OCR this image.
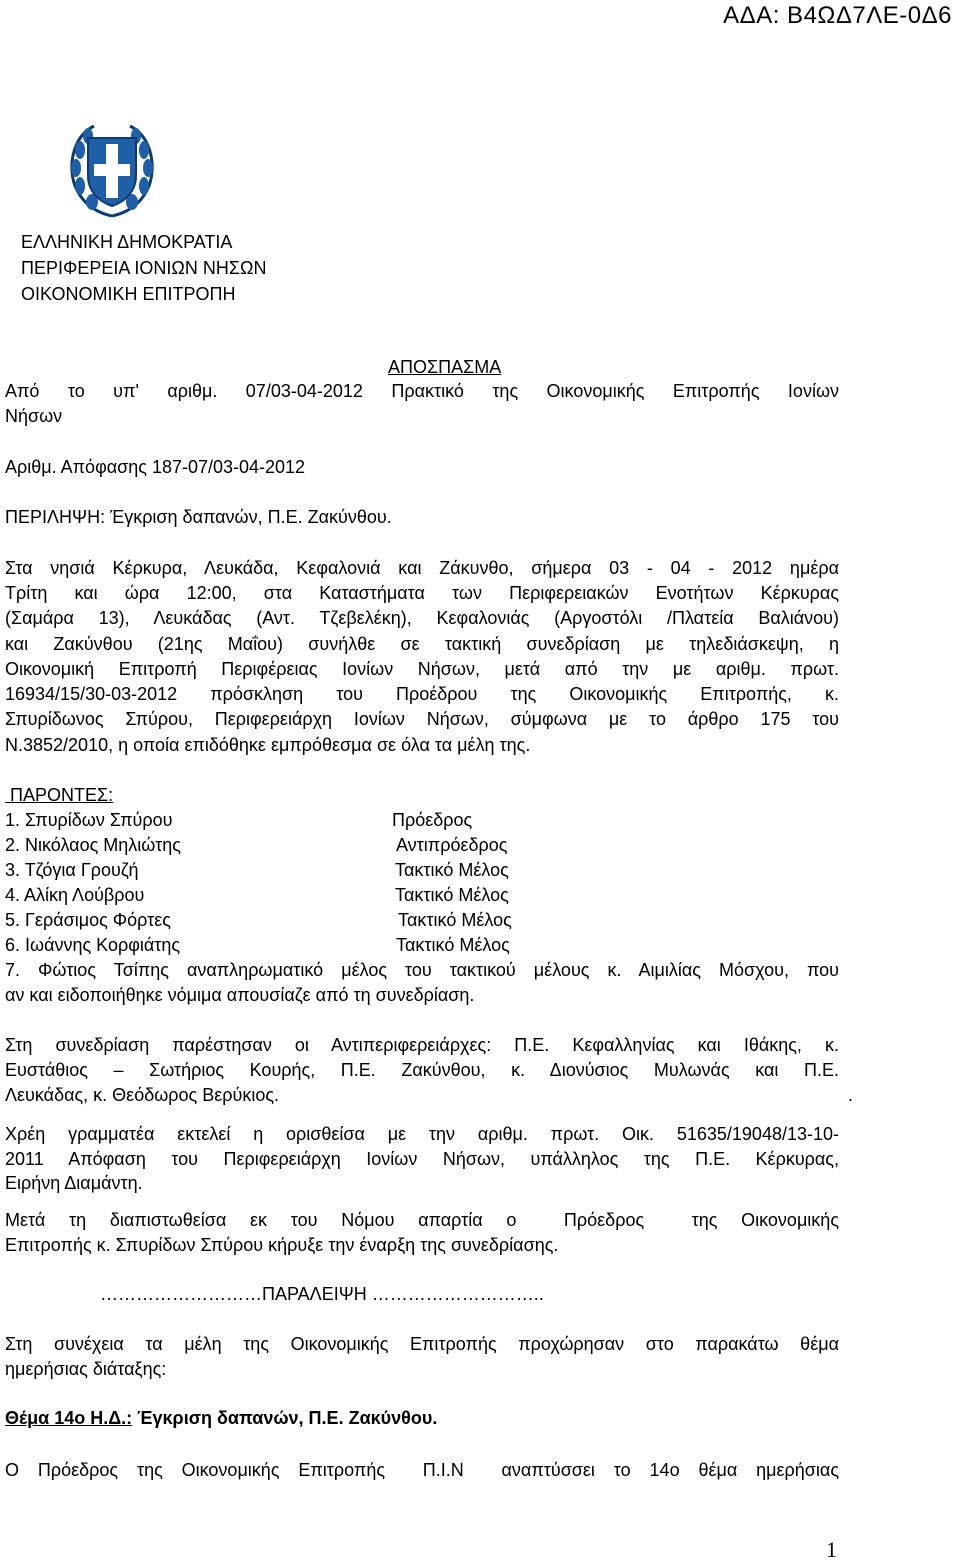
ΑΔΑ: Β4ΩΔ7ΛΕ-0Δ6
ΕΛΛΗΝΙΚΗ ΔΗΜΟΚΡΑΤΙΑ
ΠΕΡΙΦΕΡΕΙΑ ΙΟΝΙΩΝ ΝΗΣΩΝ
ΟΙΚΟΝΟΜΙΚΗ ΕΠΙΤΡΟΠΗ
ΑΠΟΣΠΑΣΜΑ
Από το υπ' αριθμ. 07/03-04-2012 Πρακτικό της Οικονομικής Επιτροπής Ιονίων
Νήσων
Αριθμ. Απόφασης 187-07/03-04-2012
ΠΕΡΙΛΗΨΗ: Έγκριση δαπανών, Π.Ε. Ζακύνθου.
Στα νησιά Κέρκυρα, Λευκάδα, Κεφαλονιά και Ζάκυνθο, σήμερα 03 - 04 - 2012 ημέρα
Τρίτη και ώρα 12:00, στα Καταστήματα των Περιφερειακών Ενοτήτων Κέρκυρας
(Σαμάρα 13), Λευκάδας (Αντ. Τζεβελέκη), Κεφαλονιάς (Αργοστόλι /Πλατεία Βαλιάνου)
και Ζακύνθου (21ης Μαΐου) συνήλθε σε τακτική συνεδρίαση με τηλεδιάσκεψη, η
Οικονομική Επιτροπή Περιφέρειας Ιονίων Νήσων, μετά από την με αριθμ. πρωτ.
16934/15/30-03-2012 πρόσκληση του Προέδρου της Οικονομικής Επιτροπής, κ.
Σπυρίδωνος Σπύρου, Περιφερειάρχη Ιονίων Νήσων, σύμφωνα με το άρθρο 175 του
Ν.3852/2010, η οποία επιδόθηκε εμπρόθεσμα σε όλα τα μέλη της.
ΠΑΡΟΝΤΕΣ:
1. Σπυρίδων Σπύρου	Πρόεδρος
2. Νικόλαος Μηλιώτης	Αντιπρόεδρος
3. Τζόγια Γρουζή	Τακτικό Μέλος
4. Αλίκη Λούβρου	Τακτικό Μέλος
5. Γεράσιμος Φόρτες	Τακτικό Μέλος
6. Ιωάννης Κορφιάτης	Τακτικό Μέλος
7. Φώτιος Τσίπης αναπληρωματικό μέλος του τακτικού μέλους κ. Αιμιλίας Μόσχου, που
αν και ειδοποιήθηκε νόμιμα απουσίαζε από τη συνεδρίαση.
Στη συνεδρίαση παρέστησαν οι Αντιπεριφερειάρχες: Π.Ε. Κεφαλληνίας και Ιθάκης, κ.
Ευστάθιος – Σωτήριος Κουρής, Π.Ε. Ζακύνθου, κ. Διονύσιος Μυλωνάς και Π.Ε.
Λευκάδας, κ. Θεόδωρος Βερύκιος.	.
Χρέη γραμματέα εκτελεί η ορισθείσα με την αριθμ. πρωτ. Οικ. 51635/19048/13-10-
2011 Απόφαση του Περιφερειάρχη Ιονίων Νήσων, υπάλληλος της Π.Ε. Κέρκυρας,
Ειρήνη Διαμάντη.
Μετά τη διαπιστωθείσα εκ του Νόμου απαρτία ο  Πρόεδρος  της Οικονομικής
Επιτροπής κ. Σπυρίδων Σπύρου κήρυξε την έναρξη της συνεδρίασης.
………………………ΠΑΡΑΛΕΙΨΗ ………………………..
Στη συνέχεια τα μέλη της Οικονομικής Επιτροπής προχώρησαν στο παρακάτω θέμα
ημερήσιας διάταξης:
Θέμα 14ο Η.Δ.: Έγκριση δαπανών, Π.Ε. Ζακύνθου.
Ο Πρόεδρος της Οικονομικής Επιτροπής  Π.Ι.Ν  αναπτύσσει το 14ο θέμα ημερήσιας
1
